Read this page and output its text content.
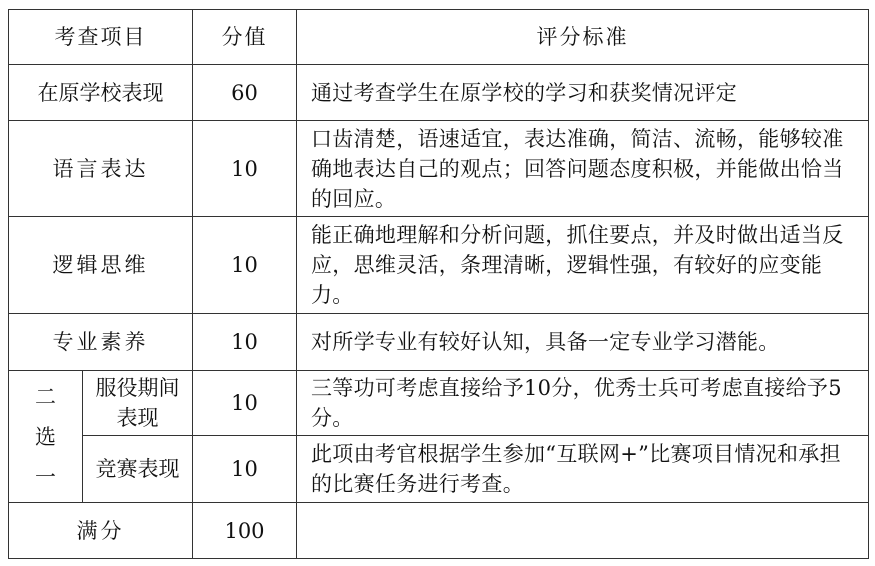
考查项目		分值	评分标准
在原学校表现		60	通过考查学生在原学校的学习和获奖情况评定
语言表达		10	口齿清楚，语速适宜，表达准确，简洁、流畅，能够较准确地表达自己的观点；回答问题态度积极，并能做出恰当的回应。
逻辑思维		10	能正确地理解和分析问题，抓住要点，并及时做出适当反应，思维灵活，条理清晰，逻辑性强，有较好的应变能力。
专业素养		10	对所学专业有较好认知，具备一定专业学习潜能。
二选一	服役期间表现	10	三等功可考虑直接给予10分，优秀士兵可考虑直接给予5分。
	竞赛表现	10	此项由考官根据学生参加“互联网+”比赛项目情况和承担的比赛任务进行考查。
满分		100	
